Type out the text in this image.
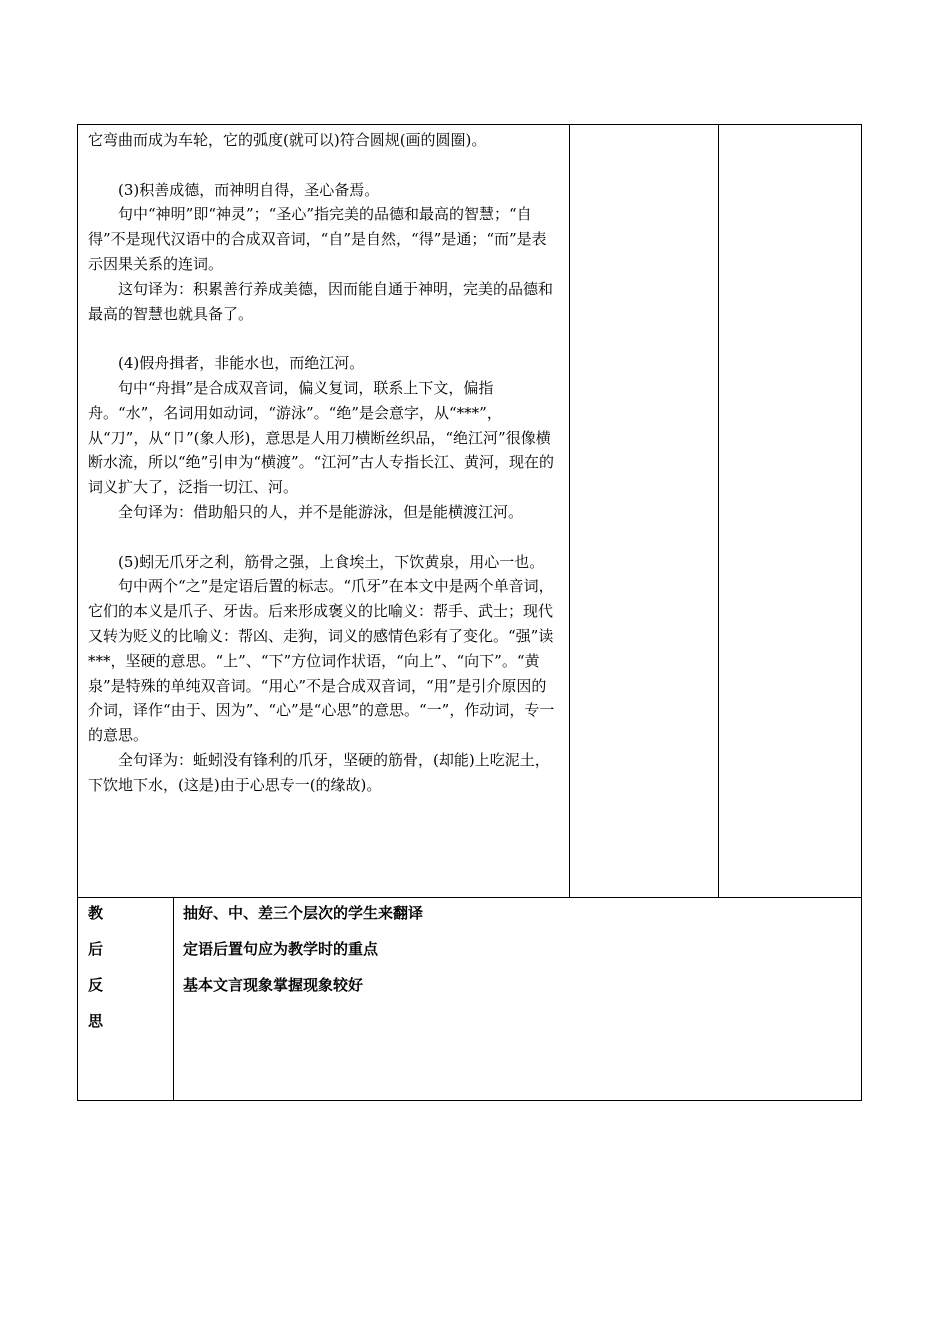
它弯曲而成为车轮，它的弧度(就可以)符合圆规(画的圆圈)。

(3)积善成德，而神明自得，圣心备焉。

句中“神明”即“神灵”；“圣心”指完美的品德和最高的智慧；“自得”不是现代汉语中的合成双音词，“自”是自然，“得”是通；“而”是表示因果关系的连词。

这句译为：积累善行养成美德，因而能自通于神明，完美的品德和最高的智慧也就具备了。

(4)假舟揖者，非能水也，而绝江河。

句中“舟揖”是合成双音词，偏义复词，联系上下文，偏指舟。“水”，名词用如动词，“游泳”。“绝”是会意字，从“***”，从“刀”，从“卩”(象人形)，意思是人用刀横断丝织品，“绝江河”很像横断水流，所以“绝”引申为“横渡”。“江河”古人专指长江、黄河，现在的词义扩大了，泛指一切江、河。

全句译为：借助船只的人，并不是能游泳，但是能横渡江河。

(5)蚓无爪牙之利，筋骨之强，上食埃土，下饮黄泉，用心一也。

句中两个“之”是定语后置的标志。“爪牙”在本文中是两个单音词，它们的本义是爪子、牙齿。后来形成褒义的比喻义：帮手、武士；现代又转为贬义的比喻义：帮凶、走狗，词义的感情色彩有了变化。“强”读***，坚硬的意思。“上”、“下”方位词作状语，“向上”、“向下”。“黄泉”是特殊的单纯双音词。“用心”不是合成双音词，“用”是引介原因的介词，译作“由于、因为”、“心”是“心思”的意思。“一”，作动词，专一的意思。

全句译为：蚯蚓没有锋利的爪牙，坚硬的筋骨，(却能)上吃泥土，下饮地下水，(这是)由于心思专一(的缘故)。

教
后
反
思
抽好、中、差三个层次的学生来翻译
定语后置句应为教学时的重点
基本文言现象掌握现象较好
